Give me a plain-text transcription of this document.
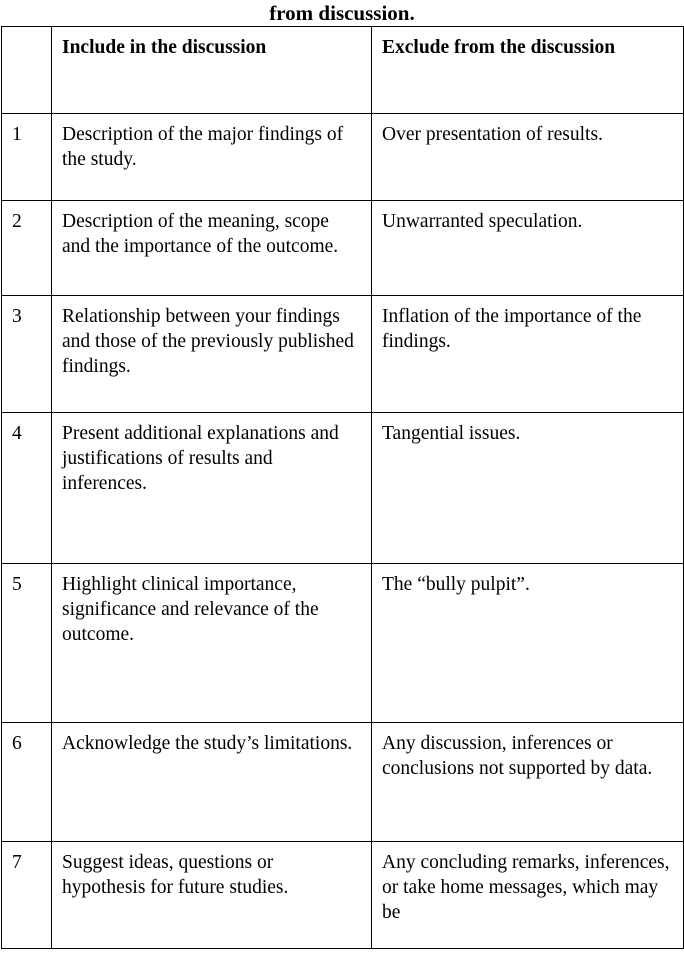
from discussion.
	Include in the discussion	Exclude from the discussion
1	Description of the major findings of the study.	Over presentation of results.
2	Description of the meaning, scope and the importance of the outcome.	Unwarranted speculation.
3	Relationship between your findings and those of the previously published findings.	Inflation of the importance of the findings.
4	Present additional explanations and justifications of results and inferences.	Tangential issues.
5	Highlight clinical importance, significance and relevance of the outcome.	The “bully pulpit”.
6	Acknowledge the study’s limitations.	Any discussion, inferences or conclusions not supported by data.
7	Suggest ideas, questions or hypothesis for future studies.	Any concluding remarks, inferences, or take home messages, which may be
